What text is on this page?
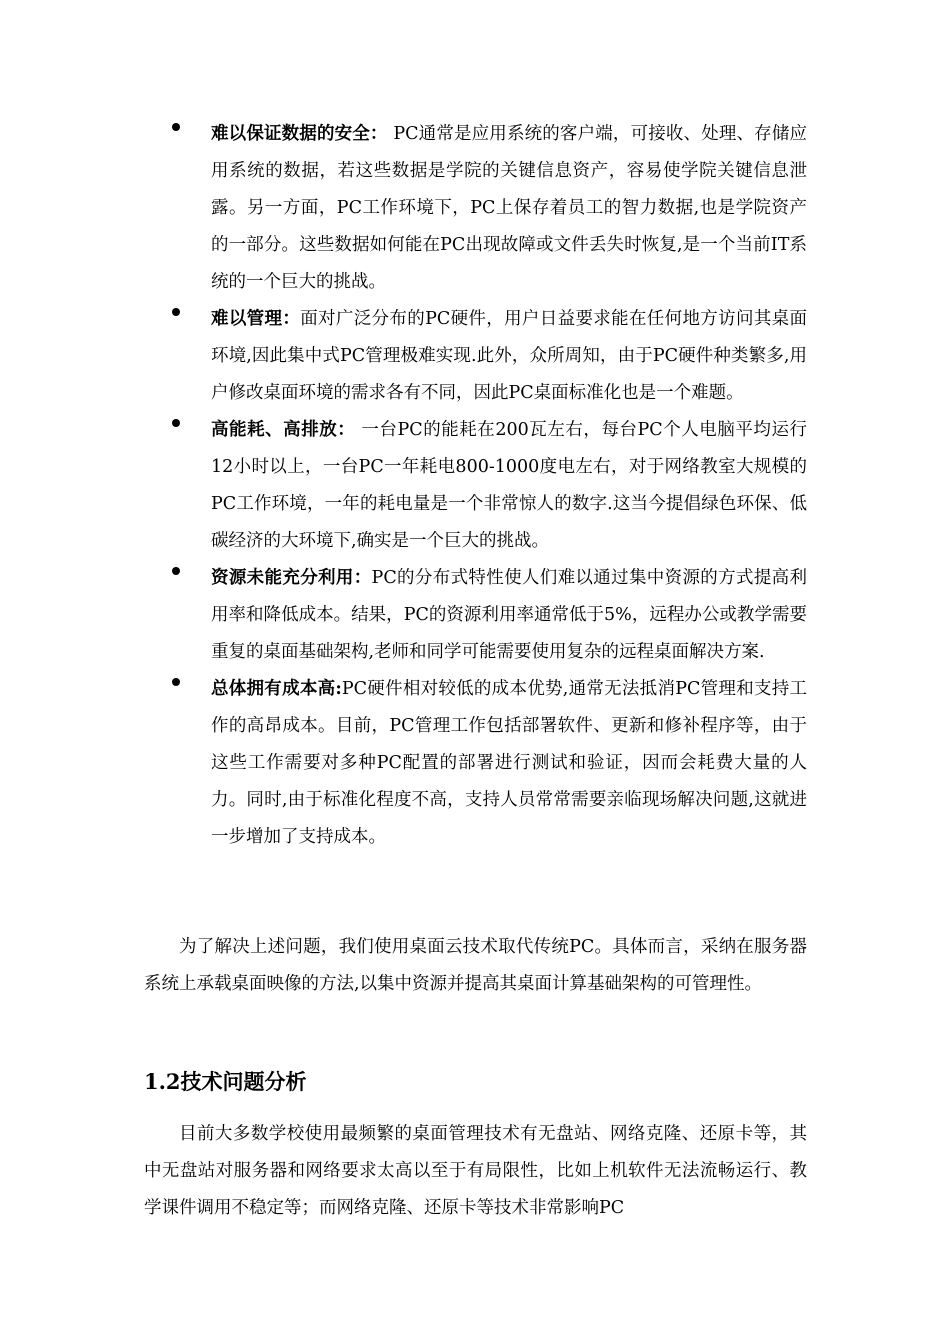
难以保证数据的安全： PC通常是应用系统的客户端，可接收、处理、存储应用系统的数据，若这些数据是学院的关键信息资产，容易使学院关键信息泄露。另一方面，PC工作环境下，PC上保存着员工的智力数据,也是学院资产的一部分。这些数据如何能在PC出现故障或文件丢失时恢复,是一个当前IT系统的一个巨大的挑战。
难以管理：面对广泛分布的PC硬件，用户日益要求能在任何地方访问其桌面环境,因此集中式PC管理极难实现.此外，众所周知，由于PC硬件种类繁多,用户修改桌面环境的需求各有不同，因此PC桌面标准化也是一个难题。
高能耗、高排放： 一台PC的能耗在200瓦左右，每台PC个人电脑平均运行12小时以上，一台PC一年耗电800-1000度电左右，对于网络教室大规模的PC工作环境，一年的耗电量是一个非常惊人的数字.这当今提倡绿色环保、低碳经济的大环境下,确实是一个巨大的挑战。
资源未能充分利用：PC的分布式特性使人们难以通过集中资源的方式提高利用率和降低成本。结果，PC的资源利用率通常低于5%，远程办公或教学需要重复的桌面基础架构,老师和同学可能需要使用复杂的远程桌面解决方案.
总体拥有成本高:PC硬件相对较低的成本优势,通常无法抵消PC管理和支持工作的高昂成本。目前，PC管理工作包括部署软件、更新和修补程序等，由于这些工作需要对多种PC配置的部署进行测试和验证，因而会耗费大量的人力。同时,由于标准化程度不高，支持人员常常需要亲临现场解决问题,这就进一步增加了支持成本。

为了解决上述问题，我们使用桌面云技术取代传统PC。具体而言，采纳在服务器系统上承载桌面映像的方法,以集中资源并提高其桌面计算基础架构的可管理性。

1.2技术问题分析

目前大多数学校使用最频繁的桌面管理技术有无盘站、网络克隆、还原卡等，其中无盘站对服务器和网络要求太高以至于有局限性，比如上机软件无法流畅运行、教学课件调用不稳定等；而网络克隆、还原卡等技术非常影响PC
